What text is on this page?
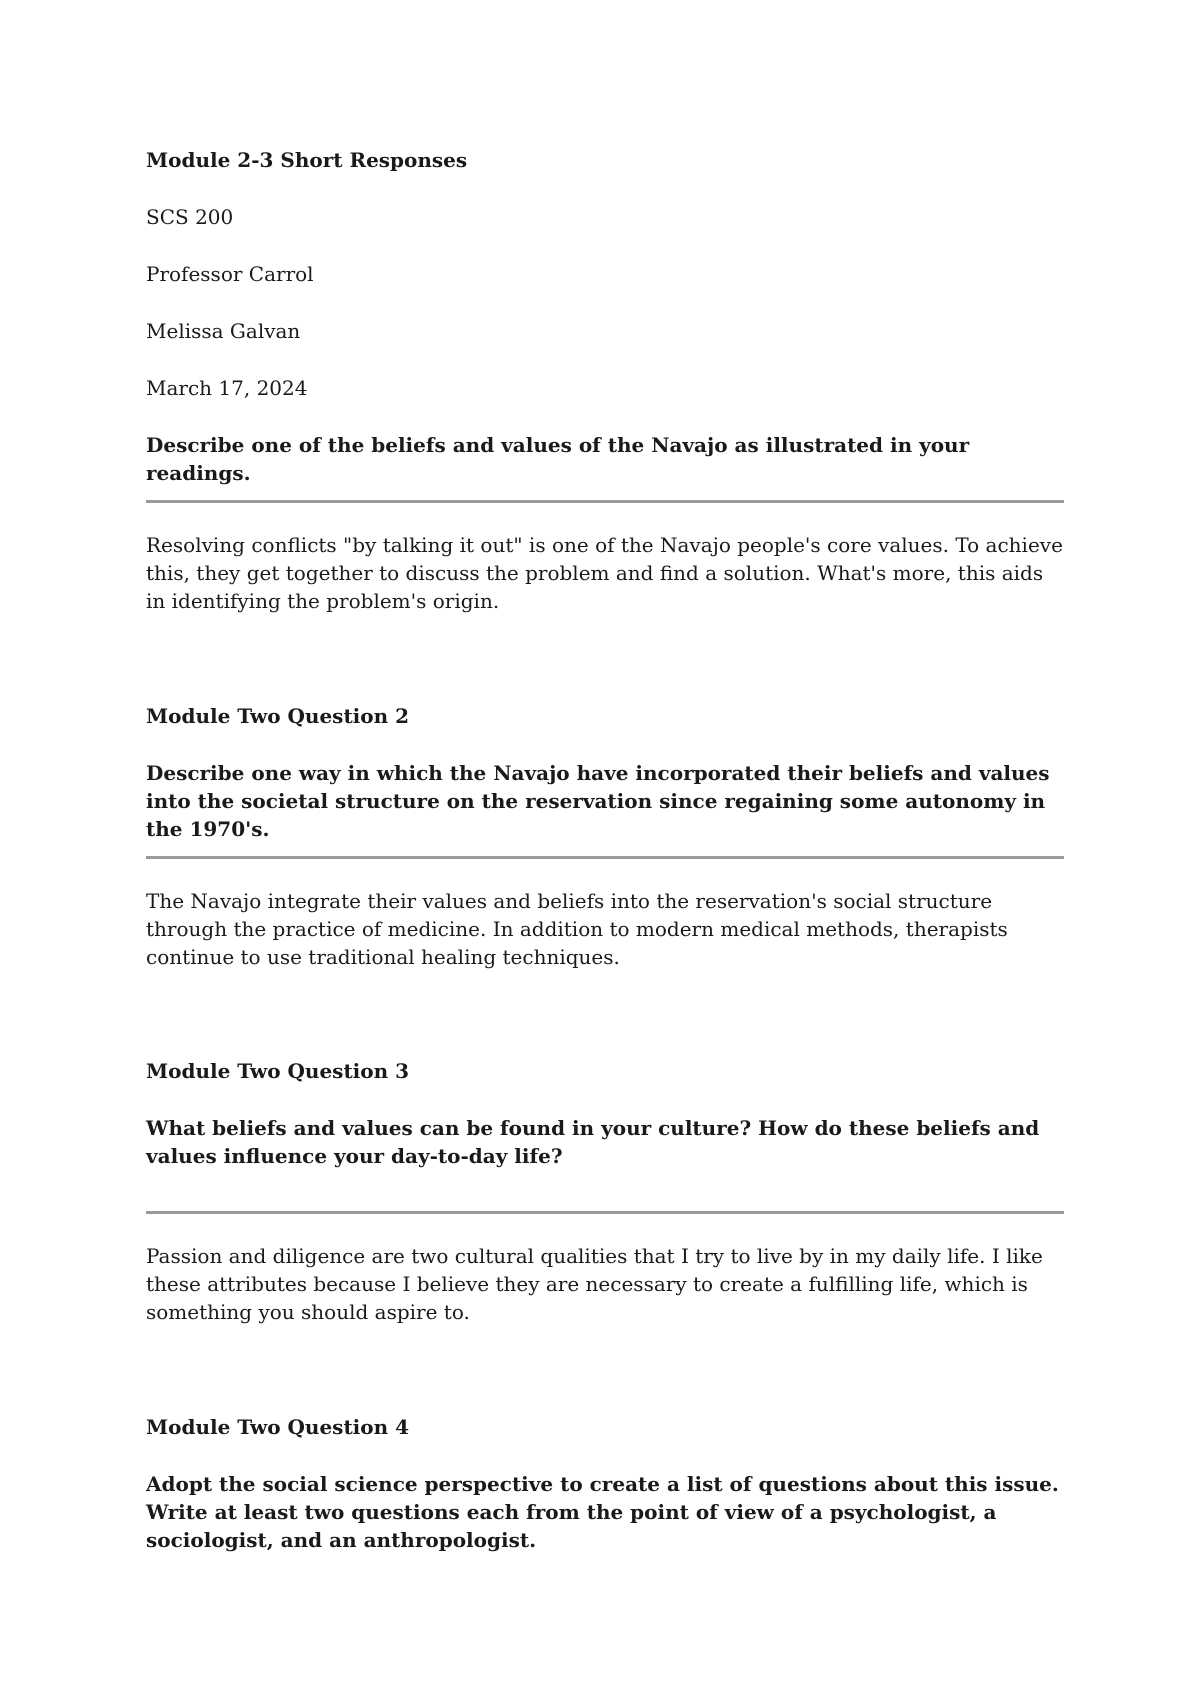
Module 2-3 Short Responses

SCS 200

Professor Carrol

Melissa Galvan

March 17, 2024

Describe one of the beliefs and values of the Navajo as illustrated in your readings.

Resolving conflicts "by talking it out" is one of the Navajo people's core values. To achieve this, they get together to discuss the problem and find a solution. What's more, this aids in identifying the problem's origin.

Module Two Question 2

Describe one way in which the Navajo have incorporated their beliefs and values into the societal structure on the reservation since regaining some autonomy in the 1970's.

The Navajo integrate their values and beliefs into the reservation's social structure through the practice of medicine. In addition to modern medical methods, therapists continue to use traditional healing techniques.

Module Two Question 3

What beliefs and values can be found in your culture? How do these beliefs and values influence your day-to-day life?

Passion and diligence are two cultural qualities that I try to live by in my daily life. I like these attributes because I believe they are necessary to create a fulfilling life, which is something you should aspire to.

Module Two Question 4

Adopt the social science perspective to create a list of questions about this issue. Write at least two questions each from the point of view of a psychologist, a sociologist, and an anthropologist.
